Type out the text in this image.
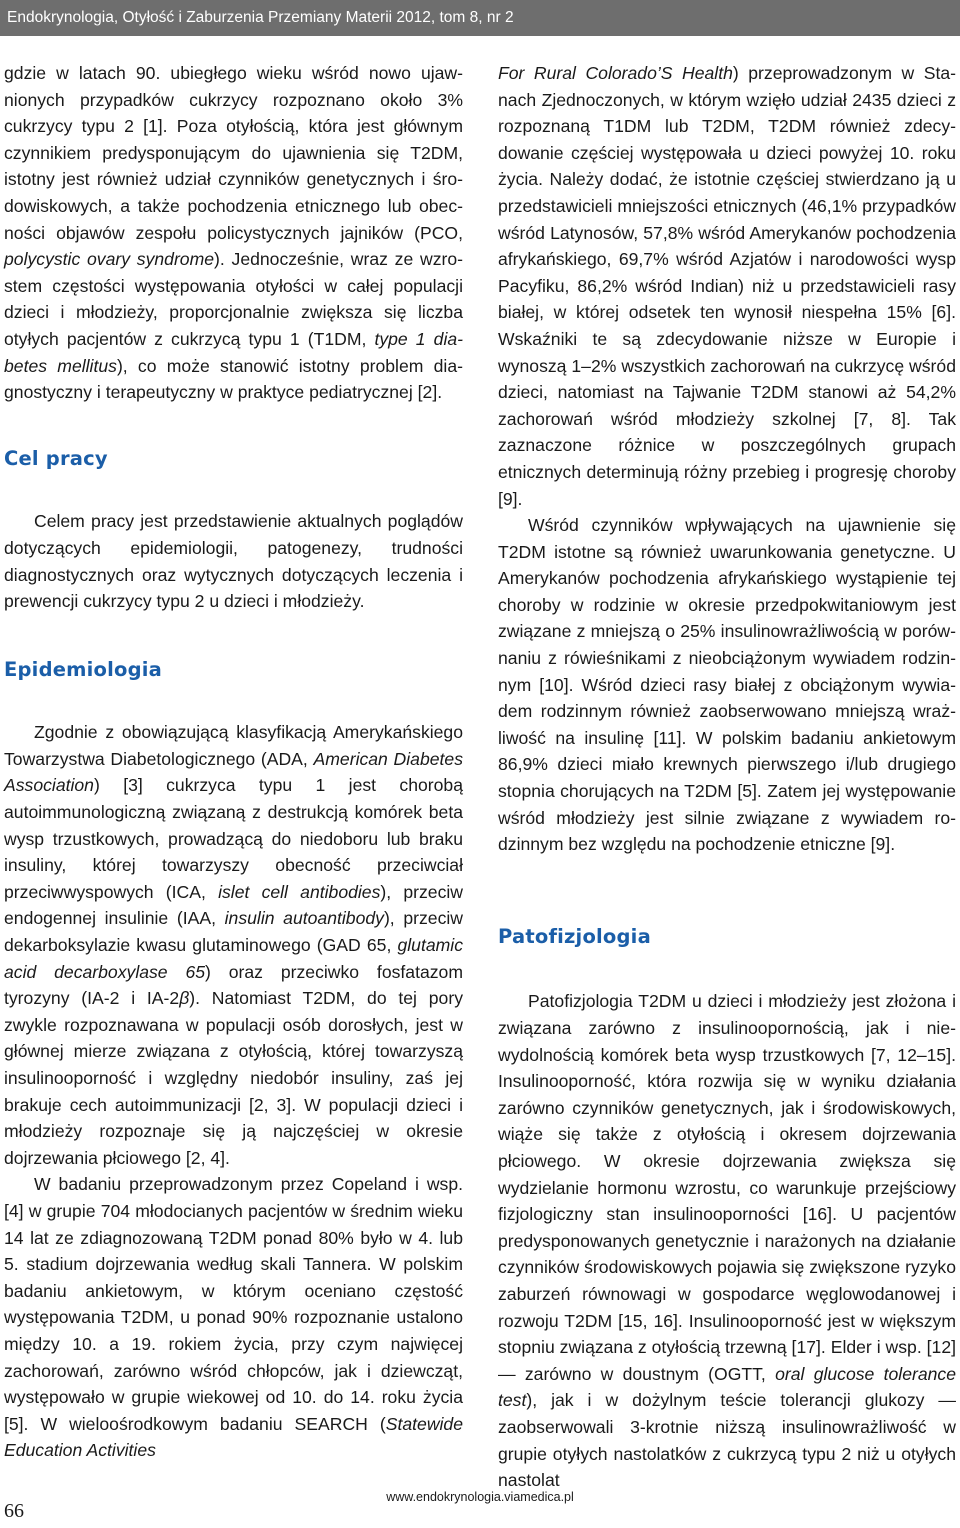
Endokrynologia, Otyłość i Zaburzenia Przemiany Materii 2012, tom 8, nr 2

gdzie w latach 90. ubiegłego wieku wśród nowo ujawnionych przypadków cukrzycy rozpoznano około 3% cukrzycy typu 2 [1]. Poza otyłością, która jest głównym czynnikiem predysponującym do ujawnienia się T2DM, istotny jest również udział czynników genetycznych i środowiskowych, a także pochodzenia etnicznego lub obecności objawów zespołu policystycznych jajników (PCO, polycystic ovary syndrome). Jednocześnie, wraz ze wzrostem częstości występowania otyłości w całej populacji dzieci i młodzieży, proporcjonalnie zwiększa się liczba otyłych pacjentów z cukrzycą typu 1 (T1DM, type 1 diabetes mellitus), co może stanowić istotny problem diagnostyczny i terapeutyczny w praktyce pediatrycznej [2].

Cel pracy

Celem pracy jest przedstawienie aktualnych poglądów dotyczących epidemiologii, patogenezy, trudności diagnostycznych oraz wytycznych dotyczących leczenia i prewencji cukrzycy typu 2 u dzieci i młodzieży.

Epidemiologia

Zgodnie z obowiązującą klasyfikacją Amerykańskiego Towarzystwa Diabetologicznego (ADA, American Diabetes Association) [3] cukrzyca typu 1 jest chorobą autoimmunologiczną związaną z destrukcją komórek beta wysp trzustkowych, prowadzącą do niedoboru lub braku insuliny, której towarzyszy obecność przeciwciał przeciwwyspowych (ICA, islet cell antibodies), przeciw endogennej insulinie (IAA, insulin autoantibody), przeciw dekarboksylazie kwasu glutaminowego (GAD 65, glutamic acid decarboxylase 65) oraz przeciwko fosfatazom tyrozyny (IA-2 i IA-2β). Natomiast T2DM, do tej pory zwykle rozpoznawana w populacji osób dorosłych, jest w głównej mierze związana z otyłością, której towarzyszą insulinooporność i względny niedobór insuliny, zaś jej brakuje cech autoimmunizacji [2, 3]. W populacji dzieci i młodzieży rozpoznaje się ją najczęściej w okresie dojrzewania płciowego [2, 4].

W badaniu przeprowadzonym przez Copeland i wsp. [4] w grupie 704 młodocianych pacjentów w średnim wieku 14 lat ze zdiagnozowaną T2DM ponad 80% było w 4. lub 5. stadium dojrzewania według skali Tannera. W polskim badaniu ankietowym, w którym oceniano częstość występowania T2DM, u ponad 90% rozpoznanie ustalono między 10. a 19. rokiem życia, przy czym najwięcej zachorowań, zarówno wśród chłopców, jak i dziewcząt, występowało w grupie wiekowej od 10. do 14. roku życia [5]. W wieloośrodkowym badaniu SEARCH (Statewide Education Activities

For Rural Colorado’S Health) przeprowadzonym w Stanach Zjednoczonych, w którym wzięło udział 2435 dzieci z rozpoznaną T1DM lub T2DM, T2DM również zdecydowanie częściej występowała u dzieci powyżej 10. roku życia. Należy dodać, że istotnie częściej stwierdzano ją u przedstawicieli mniejszości etnicznych (46,1% przypadków wśród Latynosów, 57,8% wśród Amerykanów pochodzenia afrykańskiego, 69,7% wśród Azjatów i narodowości wysp Pacyfiku, 86,2% wśród Indian) niż u przedstawicieli rasy białej, w której odsetek ten wynosił niespełna 15% [6]. Wskaźniki te są zdecydowanie niższe w Europie i wynoszą 1–2% wszystkich zachorowań na cukrzycę wśród dzieci, natomiast na Tajwanie T2DM stanowi aż 54,2% zachorowań wśród młodzieży szkolnej [7, 8]. Tak zaznaczone różnice w poszczególnych grupach etnicznych determinują różny przebieg i progresję choroby [9].

Wśród czynników wpływających na ujawnienie się T2DM istotne są również uwarunkowania genetyczne. U Amerykanów pochodzenia afrykańskiego wystąpienie tej choroby w rodzinie w okresie przedpokwitaniowym jest związane z mniejszą o 25% insulinowrażliwością w porównaniu z rówieśnikami z nieobciążonym wywiadem rodzinnym [10]. Wśród dzieci rasy białej z obciążonym wywiadem rodzinnym również zaobserwowano mniejszą wrażliwość na insulinę [11]. W polskim badaniu ankietowym 86,9% dzieci miało krewnych pierwszego i/lub drugiego stopnia chorujących na T2DM [5]. Zatem jej występowanie wśród młodzieży jest silnie związane z wywiadem rodzinnym bez względu na pochodzenie etniczne [9].

Patofizjologia

Patofizjologia T2DM u dzieci i młodzieży jest złożona i związana zarówno z insulinoopornością, jak i niewydolnością komórek beta wysp trzustkowych [7, 12–15]. Insulinooporność, która rozwija się w wyniku działania zarówno czynników genetycznych, jak i środowiskowych, wiąże się także z otyłością i okresem dojrzewania płciowego. W okresie dojrzewania zwiększa się wydzielanie hormonu wzrostu, co warunkuje przejściowy fizjologiczny stan insulinooporności [16]. U pacjentów predysponowanych genetycznie i narażonych na działanie czynników środowiskowych pojawia się zwiększone ryzyko zaburzeń równowagi w gospodarce węglowodanowej i rozwoju T2DM [15, 16]. Insulinooporność jest w większym stopniu związana z otyłością trzewną [17]. Elder i wsp. [12] — zarówno w doustnym (OGTT, oral glucose tolerance test), jak i w dożylnym teście tolerancji glukozy — zaobserwowali 3-krotnie niższą insulinowrażliwość w grupie otyłych nastolatków z cukrzycą typu 2 niż u otyłych nastolat

www.endokrynologia.viamedica.pl
66
